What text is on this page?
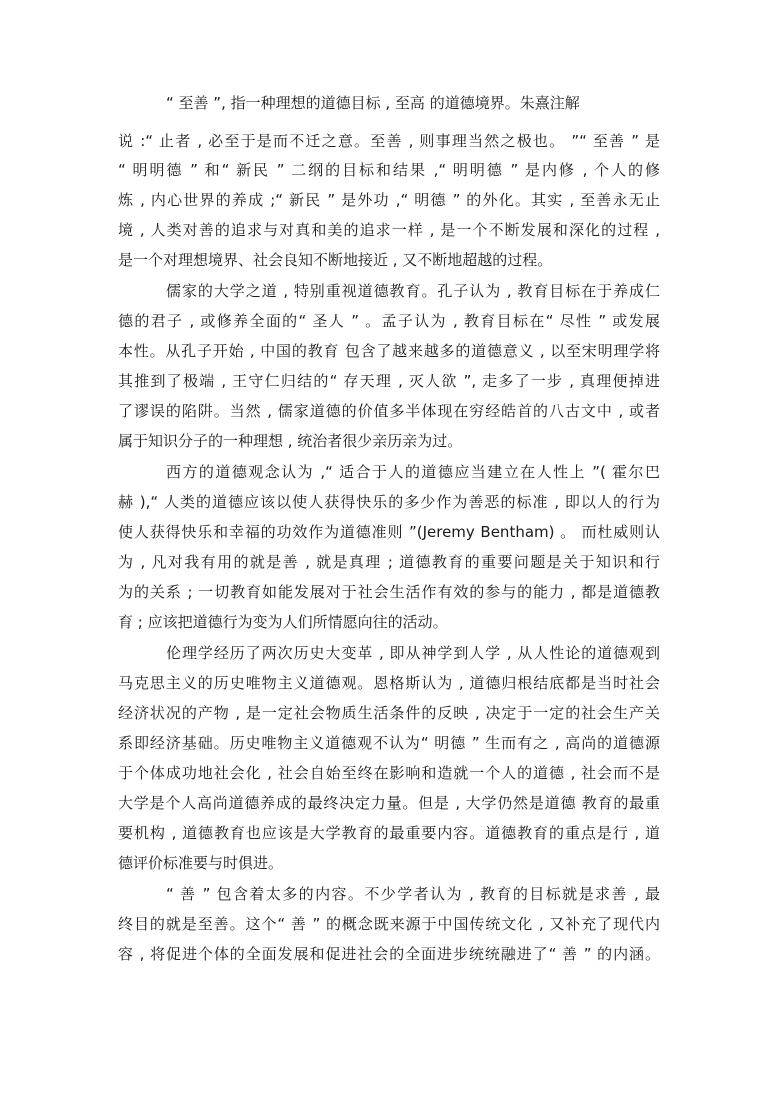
“ 至善 ”, 指一种理想的道德目标 , 至高 的道德境界。朱熹注解
说 :“ 止者 , 必至于是而不迁之意。至善 , 则事理当然之极也。 ”“ 至善 ” 是
“ 明明德 ” 和“ 新民 ” 二纲的目标和结果 ,“ 明明德 ” 是内修 , 个人的修
炼 , 内心世界的养成 ;“ 新民 ” 是外功 ,“ 明德 ” 的外化。其实 , 至善永无止
境 , 人类对善的追求与对真和美的追求一样 , 是一个不断发展和深化的过程 ,
是一个对理想境界、社会良知不断地接近 , 又不断地超越的过程。
儒家的大学之道 , 特别重视道德教育。孔子认为 , 教育目标在于养成仁
德的君子 , 或修养全面的“ 圣人 ” 。孟子认为 , 教育目标在“ 尽性 ” 或发展
本性。从孔子开始 , 中国的教育 包含了越来越多的道德意义 , 以至宋明理学将
其推到了极端 , 王守仁归结的“ 存天理 , 灭人欲 ”, 走多了一步 , 真理便掉进
了谬误的陷阱。当然 , 儒家道德的价值多半体现在穷经皓首的八古文中 , 或者
属于知识分子的一种理想 , 统治者很少亲历亲为过。
西方的道德观念认为 ,“ 适合于人的道德应当建立在人性上 ”( 霍尔巴
赫 ),“ 人类的道德应该以使人获得快乐的多少作为善恶的标准 , 即以人的行为
使人获得快乐和幸福的功效作为道德准则 ”(Jeremy Bentham) 。 而杜威则认
为 , 凡对我有用的就是善 , 就是真理 ; 道德教育的重要问题是关于知识和行
为的关系 ; 一切教育如能发展对于社会生活作有效的参与的能力 , 都是道德教
育 ; 应该把道德行为变为人们所情愿向往的活动。
伦理学经历了两次历史大变革 , 即从神学到人学 , 从人性论的道德观到
马克思主义的历史唯物主义道德观。恩格斯认为 , 道德归根结底都是当时社会
经济状况的产物 , 是一定社会物质生活条件的反映 , 决定于一定的社会生产关
系即经济基础。历史唯物主义道德观不认为“ 明德 ” 生而有之 , 高尚的道德源
于个体成功地社会化 , 社会自始至终在影响和造就一个人的道德 , 社会而不是
大学是个人高尚道德养成的最终决定力量。但是 , 大学仍然是道德 教育的最重
要机构 , 道德教育也应该是大学教育的最重要内容。道德教育的重点是行 , 道
德评价标准要与时俱进。
“ 善 ” 包含着太多的内容。不少学者认为 , 教育的目标就是求善 , 最
终目的就是至善。这个“ 善 ” 的概念既来源于中国传统文化 , 又补充了现代内
容 , 将促进个体的全面发展和促进社会的全面进步统统融进了“ 善 ” 的内涵。
